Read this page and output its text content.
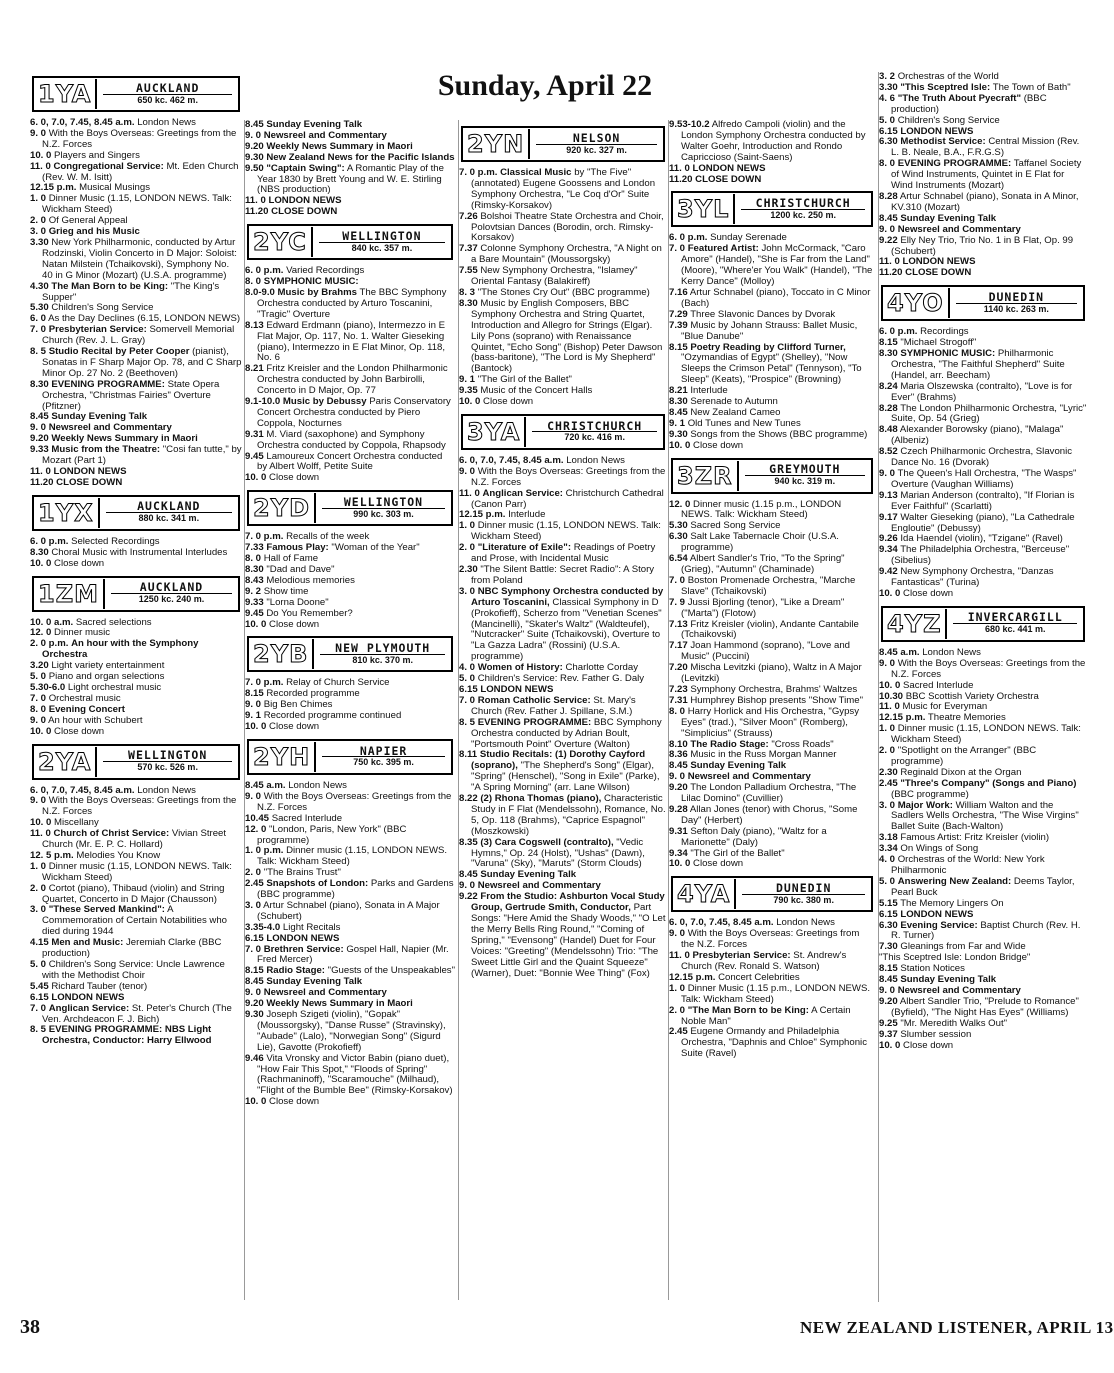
Sunday, April 22
1YA	AUCKLAND
650 kc. 462 m.

6. 0, 7.0, 7.45, 8.45 a.m. London News

9. 0 With the Boys Overseas: Greetings from the N.Z. Forces

10. 0 Players and Singers

11. 0 Congregational Service: Mt. Eden Church (Rev. W. M. Isitt)

12.15 p.m. Musical Musings

1. 0 Dinner Music (1.15, LONDON NEWS. Talk: Wickham Steed)

2. 0 Of General Appeal

3. 0 Grieg and his Music

3.30 New York Philharmonic, conducted by Artur Rodzinski, Violin Concerto in D Major: Soloist: Natan Milstein (Tchaikovski), Symphony No. 40 in G Minor (Mozart) (U.S.A. programme)

4.30 The Man Born to be King: "The King's Supper"

5.30 Children's Song Service

6. 0 As the Day Declines (6.15, LONDON NEWS)

7. 0 Presbyterian Service: Somervell Memorial Church (Rev. J. L. Gray)

8. 5 Studio Recital by Peter Cooper (pianist), Sonatas in F Sharp Major Op. 78, and C Sharp Minor Op. 27 No. 2 (Beethoven)

8.30 EVENING PROGRAMME: State Opera Orchestra, "Christmas Fairies" Overture (Pfitzner)

8.45 Sunday Evening Talk

9. 0 Newsreel and Commentary

9.20 Weekly News Summary in Maori

9.33 Music from the Theatre: "Cosi fan tutte," by Mozart (Part 1)

11. 0 LONDON NEWS

11.20 CLOSE DOWN

1YX	AUCKLAND
880 kc. 341 m.

6. 0 p.m. Selected Recordings

8.30 Choral Music with Instrumental Interludes

10. 0 Close down

1ZM	AUCKLAND
1250 kc. 240 m.

10. 0 a.m. Sacred selections

12. 0 Dinner music

2. 0 p.m. An hour with the Symphony Orchestra

3.20 Light variety entertainment

5. 0 Piano and organ selections

5.30-6.0 Light orchestral music

7. 0 Orchestral music

8. 0 Evening Concert

9. 0 An hour with Schubert

10. 0 Close down

2YA	WELLINGTON
570 kc. 526 m.

6. 0, 7.0, 7.45, 8.45 a.m. London News

9. 0 With the Boys Overseas: Greetings from the N.Z. Forces

10. 0 Miscellany

11. 0 Church of Christ Service: Vivian Street Church (Mr. E. P. C. Hollard)

12. 5 p.m. Melodies You Know

1. 0 Dinner music (1.15, LONDON NEWS. Talk: Wickham Steed)

2. 0 Cortot (piano), Thibaud (violin) and String Quartet, Concerto in D Major (Chausson)

3. 0 "These Served Mankind": A Commemoration of Certain Notabilities who died during 1944

4.15 Men and Music: Jeremiah Clarke (BBC production)

5. 0 Children's Song Service: Uncle Lawrence with the Methodist Choir

5.45 Richard Tauber (tenor)

6.15 LONDON NEWS

7. 0 Anglican Service: St. Peter's Church (The Ven. Archdeacon F. J. Bich)

8. 5 EVENING PROGRAMME: NBS Light Orchestra, Conductor: Harry Ellwood

8.45 Sunday Evening Talk

9. 0 Newsreel and Commentary

9.20 Weekly News Summary in Maori

9.30 New Zealand News for the Pacific Islands

9.50 "Captain Swing": A Romantic Play of the Year 1830 by Brett Young and W. E. Stirling (NBS production)

11. 0 LONDON NEWS

11.20 CLOSE DOWN

2YC	WELLINGTON
840 kc. 357 m.

6. 0 p.m. Varied Recordings

8. 0 SYMPHONIC MUSIC:

8.0-9.0 Music by Brahms The BBC Symphony Orchestra conducted by Arturo Toscanini, "Tragic" Overture

8.13 Edward Erdmann (piano), Intermezzo in E Flat Major, Op. 117, No. 1. Walter Gieseking (piano), Intermezzo in E Flat Minor, Op. 118, No. 6

8.21 Fritz Kreisler and the London Philharmonic Orchestra conducted by John Barbirolli, Concerto in D Major, Op. 77

9.1-10.0 Music by Debussy Paris Conservatory Concert Orchestra conducted by Piero Coppola, Nocturnes

9.31 M. Viard (saxophone) and Symphony Orchestra conducted by Coppola, Rhapsody

9.45 Lamoureux Concert Orchestra conducted by Albert Wolff, Petite Suite

10. 0 Close down

2YD	WELLINGTON
990 kc. 303 m.

7. 0 p.m. Recalls of the week

7.33 Famous Play: "Woman of the Year"

8. 0 Hall of Fame

8.30 "Dad and Dave"

8.43 Melodious memories

9. 2 Show time

9.33 "Lorna Doone"

9.45 Do You Remember?

10. 0 Close down

2YB	NEW PLYMOUTH
810 kc. 370 m.

7. 0 p.m. Relay of Church Service

8.15 Recorded programme

9. 0 Big Ben Chimes

9. 1 Recorded programme continued

10. 0 Close down

2YH	NAPIER
750 kc. 395 m.

8.45 a.m. London News

9. 0 With the Boys Overseas: Greetings from the N.Z. Forces

10.45 Sacred Interlude

12. 0 "London, Paris, New York" (BBC programme)

1. 0 p.m. Dinner music (1.15, LONDON NEWS. Talk: Wickham Steed)

2. 0 "The Brains Trust"

2.45 Snapshots of London: Parks and Gardens (BBC programme)

3. 0 Artur Schnabel (piano), Sonata in A Major (Schubert)

3.35-4.0 Light Recitals

6.15 LONDON NEWS

7. 0 Brethren Service: Gospel Hall, Napier (Mr. Fred Mercer)

8.15 Radio Stage: "Guests of the Unspeakables"

8.45 Sunday Evening Talk

9. 0 Newsreel and Commentary

9.20 Weekly News Summary in Maori

9.30 Joseph Szigeti (violin), "Gopak" (Moussorgsky), "Danse Russe" (Stravinsky), "Aubade" (Lalo), "Norwegian Song" (Sigurd Lie), Gavotte (Prokofieff)

9.46 Vita Vronsky and Victor Babin (piano duet), "How Fair This Spot," "Floods of Spring" (Rachmaninoff), "Scaramouche" (Milhaud), "Flight of the Bumble Bee" (Rimsky-Korsakov)

10. 0 Close down

2YN	NELSON
920 kc. 327 m.

7. 0 p.m. Classical Music by "The Five" (annotated) Eugene Goossens and London Symphony Orchestra, "Le Coq d'Or" Suite (Rimsky-Korsakov)

7.26 Bolshoi Theatre State Orchestra and Choir, Polovtsian Dances (Borodin, orch. Rimsky-Korsakov)

7.37 Colonne Symphony Orchestra, "A Night on a Bare Mountain" (Moussorgsky)

7.55 New Symphony Orchestra, "Islamey" Oriental Fantasy (Balakireff)

8. 3 "The Stones Cry Out" (BBC programme)

8.30 Music by English Composers, BBC Symphony Orchestra and String Quartet, Introduction and Allegro for Strings (Elgar). Lily Pons (soprano) with Renaissance Quintet, "Echo Song" (Bishop) Peter Dawson (bass-baritone), "The Lord is My Shepherd" (Bantock)

9. 1 "The Girl of the Ballet"

9.35 Music of the Concert Halls

10. 0 Close down

3YA	CHRISTCHURCH
720 kc. 416 m.

6. 0, 7.0, 7.45, 8.45 a.m. London News

9. 0 With the Boys Overseas: Greetings from the N.Z. Forces

11. 0 Anglican Service: Christchurch Cathedral (Canon Parr)

12.15 p.m. Interlude

1. 0 Dinner music (1.15, LONDON NEWS. Talk: Wickham Steed)

2. 0 "Literature of Exile": Readings of Poetry and Prose, with Incidental Music

2.30 "The Silent Battle: Secret Radio": A Story from Poland

3. 0 NBC Symphony Orchestra conducted by Arturo Toscanini, Classical Symphony in D (Prokofieff), Scherzo from "Venetian Scenes" (Mancinelli), "Skater's Waltz" (Waldteufel), "Nutcracker" Suite (Tchaikovski), Overture to "La Gazza Ladra" (Rossini) (U.S.A. programme)

4. 0 Women of History: Charlotte Corday

5. 0 Children's Service: Rev. Father G. Daly

6.15 LONDON NEWS

7. 0 Roman Catholic Service: St. Mary's Church (Rev. Father J. Spillane, S.M.)

8. 5 EVENING PROGRAMME: BBC Symphony Orchestra conducted by Adrian Boult, "Portsmouth Point" Overture (Walton)

8.11 Studio Recitals: (1) Dorothy Cayford (soprano), "The Shepherd's Song" (Elgar), "Spring" (Henschel), "Song in Exile" (Parke), "A Spring Morning" (arr. Lane Wilson)

8.22 (2) Rhona Thomas (piano), Characteristic Study in F Flat (Mendelssohn), Romance, No. 5, Op. 118 (Brahms), "Caprice Espagnol" (Moszkowski)

8.35 (3) Cara Cogswell (contralto), "Vedic Hymns," Op. 24 (Holst), "Ushas" (Dawn), "Varuna" (Sky), "Maruts" (Storm Clouds)

8.45 Sunday Evening Talk

9. 0 Newsreel and Commentary

9.22 From the Studio: Ashburton Vocal Study Group, Gertrude Smith, Conductor, Part Songs: "Here Amid the Shady Woods," "O Let the Merry Bells Ring Round," "Coming of Spring," "Evensong" (Handel) Duet for Four Voices: "Greeting" (Mendelssohn) Trio: "The Sweet Little Girl and the Quaint Squeeze" (Warner), Duet: "Bonnie Wee Thing" (Fox)

9.53-10.2 Alfredo Campoli (violin) and the London Symphony Orchestra conducted by Walter Goehr, Introduction and Rondo Capriccioso (Saint-Saens)

11. 0 LONDON NEWS

11.20 CLOSE DOWN

3YL	CHRISTCHURCH
1200 kc. 250 m.

6. 0 p.m. Sunday Serenade

7. 0 Featured Artist: John McCormack, "Caro Amore" (Handel), "She is Far from the Land" (Moore), "Where'er You Walk" (Handel), "The Kerry Dance" (Molloy)

7.16 Artur Schnabel (piano), Toccato in C Minor (Bach)

7.29 Three Slavonic Dances by Dvorak

7.39 Music by Johann Strauss: Ballet Music, "Blue Danube"

8.15 Poetry Reading by Clifford Turner, "Ozymandias of Egypt" (Shelley), "Now Sleeps the Crimson Petal" (Tennyson), "To Sleep" (Keats), "Prospice" (Browning)

8.21 Interlude

8.30 Serenade to Autumn

8.45 New Zealand Cameo

9. 1 Old Tunes and New Tunes

9.30 Songs from the Shows (BBC programme)

10. 0 Close down

3ZR	GREYMOUTH
940 kc. 319 m.

12. 0 Dinner music (1.15 p.m., LONDON NEWS. Talk: Wickham Steed)

5.30 Sacred Song Service

6.30 Salt Lake Tabernacle Choir (U.S.A. programme)

6.54 Albert Sandler's Trio, "To the Spring" (Grieg), "Autumn" (Chaminade)

7. 0 Boston Promenade Orchestra, "Marche Slave" (Tchaikovski)

7. 9 Jussi Bjorling (tenor), "Like a Dream" ("Marta") (Flotow)

7.13 Fritz Kreisler (violin), Andante Cantabile (Tchaikovski)

7.17 Joan Hammond (soprano), "Love and Music" (Puccini)

7.20 Mischa Levitzki (piano), Waltz in A Major (Levitzki)

7.23 Symphony Orchestra, Brahms' Waltzes

7.31 Humphrey Bishop presents "Show Time"

8. 0 Harry Horlick and His Orchestra, "Gypsy Eyes" (trad.), "Silver Moon" (Romberg), "Simplicius" (Strauss)

8.10 The Radio Stage: "Cross Roads"

8.36 Music in the Russ Morgan Manner

8.45 Sunday Evening Talk

9. 0 Newsreel and Commentary

9.20 The London Palladium Orchestra, "The Lilac Domino" (Cuvillier)

9.28 Allan Jones (tenor) with Chorus, "Some Day" (Herbert)

9.31 Sefton Daly (piano), "Waltz for a Marionette" (Daly)

9.34 "The Girl of the Ballet"

10. 0 Close down

4YA	DUNEDIN
790 kc. 380 m.

6. 0, 7.0, 7.45, 8.45 a.m. London News

9. 0 With the Boys Overseas: Greetings from the N.Z. Forces

11. 0 Presbyterian Service: St. Andrew's Church (Rev. Ronald S. Watson)

12.15 p.m. Concert Celebrities

1. 0 Dinner Music (1.15 p.m., LONDON NEWS. Talk: Wickham Steed)

2. 0 "The Man Born to be King: A Certain Noble Man"

2.45 Eugene Ormandy and Philadelphia Orchestra, "Daphnis and Chloe" Symphonic Suite (Ravel)

3. 2 Orchestras of the World

3.30 "This Sceptred Isle: The Town of Bath"

4. 6 "The Truth About Pyecraft" (BBC production)

5. 0 Children's Song Service

6.15 LONDON NEWS

6.30 Methodist Service: Central Mission (Rev. L. B. Neale, B.A., F.R.G.S)

8. 0 EVENING PROGRAMME: Taffanel Society of Wind Instruments, Quintet in E Flat for Wind Instruments (Mozart)

8.28 Artur Schnabel (piano), Sonata in A Minor, KV.310 (Mozart)

8.45 Sunday Evening Talk

9. 0 Newsreel and Commentary

9.22 Elly Ney Trio, Trio No. 1 in B Flat, Op. 99 (Schubert)

11. 0 LONDON NEWS

11.20 CLOSE DOWN

4YO	DUNEDIN
1140 kc. 263 m.

6. 0 p.m. Recordings

8.15 "Michael Strogoff"

8.30 SYMPHONIC MUSIC: Philharmonic Orchestra, "The Faithful Shepherd" Suite (Handel, arr. Beecham)

8.24 Maria Olszewska (contralto), "Love is for Ever" (Brahms)

8.28 The London Philharmonic Orchestra, "Lyric" Suite, Op. 54 (Grieg)

8.48 Alexander Borowsky (piano), "Malaga" (Albeniz)

8.52 Czech Philharmonic Orchestra, Slavonic Dance No. 16 (Dvorak)

9. 0 The Queen's Hall Orchestra, "The Wasps" Overture (Vaughan Williams)

9.13 Marian Anderson (contralto), "If Florian is Ever Faithful" (Scarlatti)

9.17 Walter Gieseking (piano), "La Cathedrale Engloutie" (Debussy)

9.26 Ida Haendel (violin), "Tzigane" (Ravel)

9.34 The Philadelphia Orchestra, "Berceuse" (Sibelius)

9.42 New Symphony Orchestra, "Danzas Fantasticas" (Turina)

10. 0 Close down

4YZ	INVERCARGILL
680 kc. 441 m.

8.45 a.m. London News

9. 0 With the Boys Overseas: Greetings from the N.Z. Forces

10. 0 Sacred Interlude

10.30 BBC Scottish Variety Orchestra

11. 0 Music for Everyman

12.15 p.m. Theatre Memories

1. 0 Dinner music (1.15, LONDON NEWS. Talk: Wickham Steed)

2. 0 "Spotlight on the Arranger" (BBC programme)

2.30 Reginald Dixon at the Organ

2.45 "Three's Company" (Songs and Piano) (BBC programme)

3. 0 Major Work: William Walton and the Sadlers Wells Orchestra, "The Wise Virgins" Ballet Suite (Bach-Walton)

3.18 Famous Artist: Fritz Kreisler (violin)

3.34 On Wings of Song

4. 0 Orchestras of the World: New York Philharmonic

5. 0 Answering New Zealand: Deems Taylor, Pearl Buck

5.15 The Memory Lingers On

6.15 LONDON NEWS

6.30 Evening Service: Baptist Church (Rev. H. R. Turner)

7.30 Gleanings from Far and Wide

"This Sceptred Isle: London Bridge"

8.15 Station Notices

8.45 Sunday Evening Talk

9. 0 Newsreel and Commentary

9.20 Albert Sandler Trio, "Prelude to Romance" (Byfield), "The Night Has Eyes" (Williams)

9.25 "Mr. Meredith Walks Out"

9.37 Slumber session

10. 0 Close down

38	NEW ZEALAND LISTENER, APRIL 13
